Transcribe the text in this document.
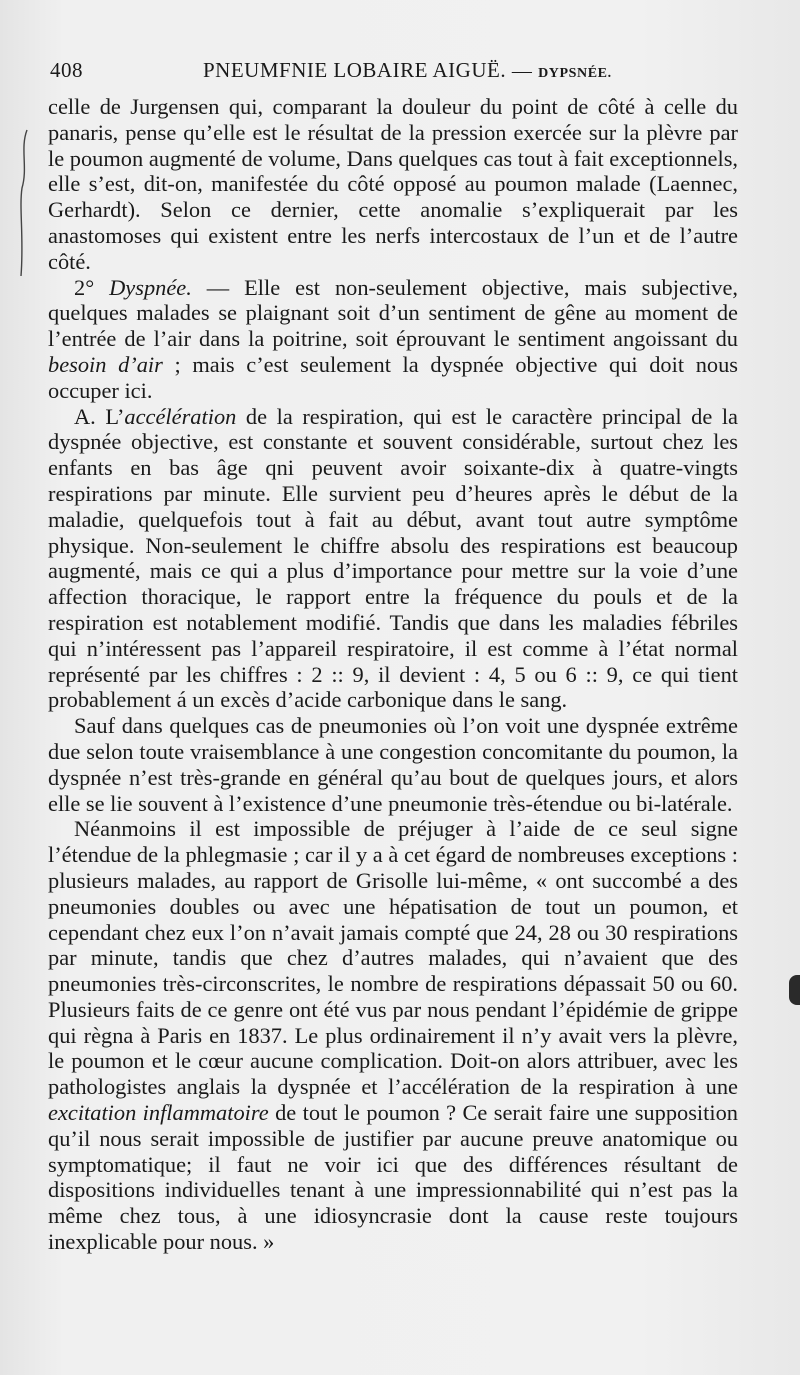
408	PNEUMFNIE LOBAIRE AIGUË. — DYPSNÉE.

celle de Jurgensen qui, comparant la douleur du point de côté à celle du panaris, pense qu’elle est le résultat de la pression exercée sur la plèvre par le poumon augmenté de volume, Dans quelques cas tout à fait exceptionnels, elle s’est, dit-on, manifestée du côté opposé au poumon malade (Laennec, Gerhardt). Selon ce dernier, cette anomalie s’expliquerait par les anastomoses qui existent entre les nerfs intercostaux de l’un et de l’autre côté.

2° Dyspnée. — Elle est non-seulement objective, mais subjective, quelques malades se plaignant soit d’un sentiment de gêne au moment de l’entrée de l’air dans la poitrine, soit éprouvant le sentiment angoissant du besoin d’air ; mais c’est seulement la dyspnée objective qui doit nous occuper ici.

A. L’accélération de la respiration, qui est le caractère principal de la dyspnée objective, est constante et souvent considérable, surtout chez les enfants en bas âge qni peuvent avoir soixante-dix à quatre-vingts respirations par minute. Elle survient peu d’heures après le début de la maladie, quelquefois tout à fait au début, avant tout autre symptôme physique. Non-seulement le chiffre absolu des respirations est beaucoup augmenté, mais ce qui a plus d’importance pour mettre sur la voie d’une affection thoracique, le rapport entre la fréquence du pouls et de la respiration est notablement modifié. Tandis que dans les maladies fébriles qui n’intéressent pas l’appareil respiratoire, il est comme à l’état normal représenté par les chiffres : 2 :: 9, il devient : 4, 5 ou 6 :: 9, ce qui tient probablement á un excès d’acide carbonique dans le sang.

Sauf dans quelques cas de pneumonies où l’on voit une dyspnée extrême due selon toute vraisemblance à une congestion concomitante du poumon, la dyspnée n’est très-grande en général qu’au bout de quelques jours, et alors elle se lie souvent à l’existence d’une pneumonie très-étendue ou bi-latérale.

Néanmoins il est impossible de préjuger à l’aide de ce seul signe l’étendue de la phlegmasie ; car il y a à cet égard de nombreuses exceptions : plusieurs malades, au rapport de Grisolle lui-même, « ont succombé a des pneumonies doubles ou avec une hépatisation de tout un poumon, et cependant chez eux l’on n’avait jamais compté que 24, 28 ou 30 respirations par minute, tandis que chez d’autres malades, qui n’avaient que des pneumonies très-circonscrites, le nombre de respirations dépassait 50 ou 60. Plusieurs faits de ce genre ont été vus par nous pendant l’épidémie de grippe qui règna à Paris en 1837. Le plus ordinairement il n’y avait vers la plèvre, le poumon et le cœur aucune complication. Doit-on alors attribuer, avec les pathologistes anglais la dyspnée et l’accélération de la respiration à une excitation inflammatoire de tout le poumon ? Ce serait faire une supposition qu’il nous serait impossible de justifier par aucune preuve anatomique ou symptomatique; il faut ne voir ici que des différences résultant de dispositions individuelles tenant à une impressionnabilité qui n’est pas la même chez tous, à une idiosyncrasie dont la cause reste toujours inexplicable pour nous. »
